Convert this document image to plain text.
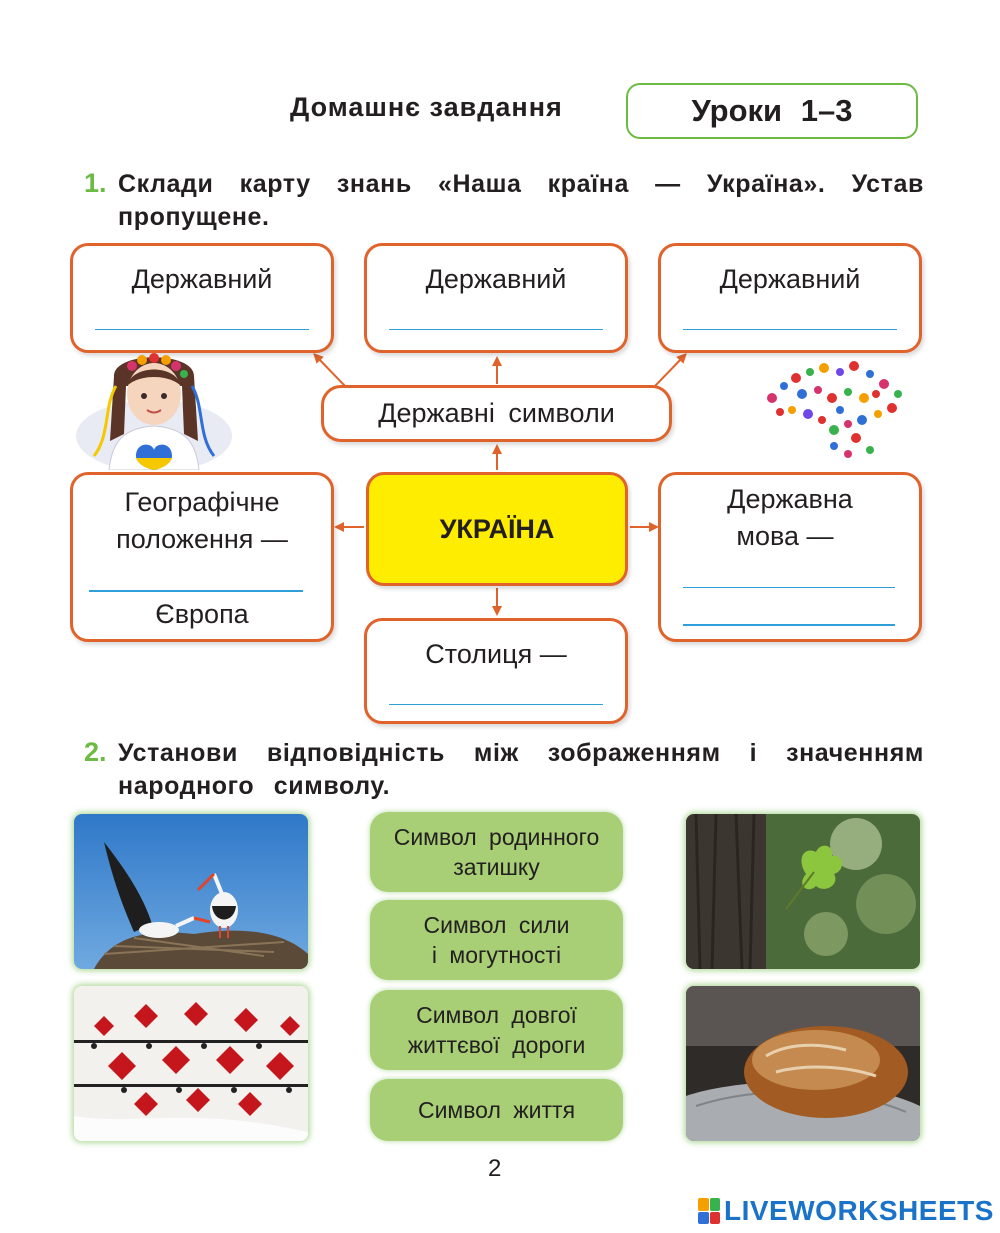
Домашнє завдання	Уроки 1–3
1. Склади карту знань «Наша країна — Україна». Устав пропущене.
Державний	Державний	Державний
Державні символи
УКРАЇНА
Географічне
положення —
Європа
Державна
мова —
Столиця —
2. Установи відповідність між зображенням і значенням народного символу.
Символ родинного
затишку
Символ сили
і могутності
Символ довгої
життєвої дороги
Символ життя
2
LIVEWORKSHEETS
